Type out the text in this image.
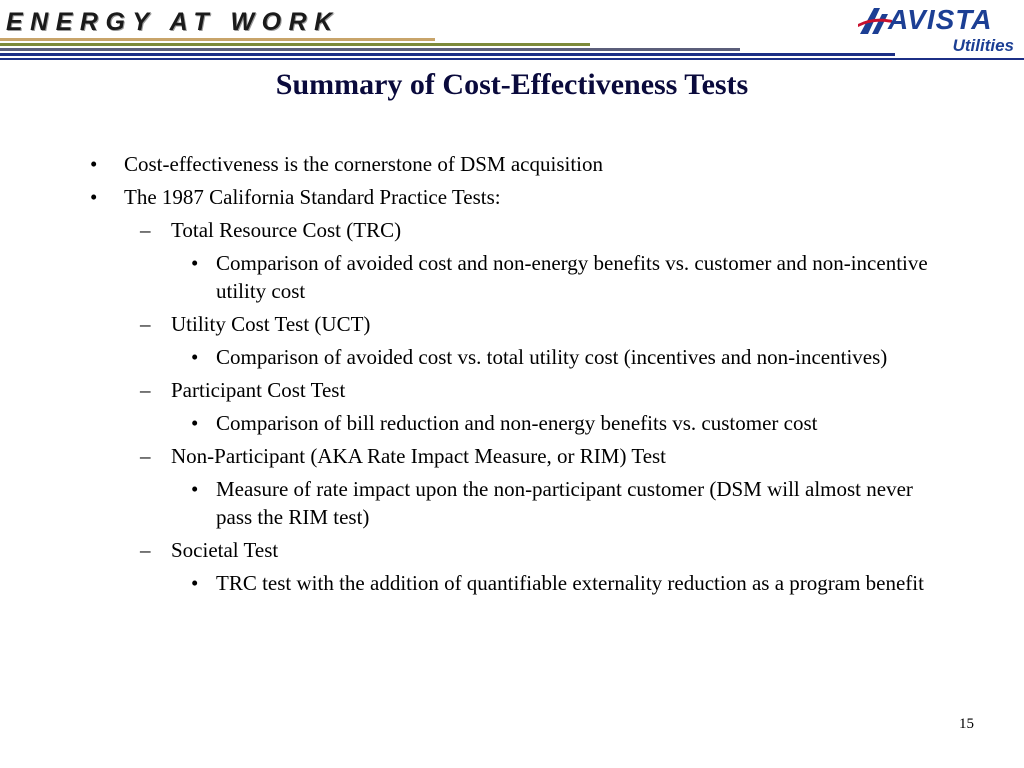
ENERGY AT WORK	AVISTA
Utilities
Summary of Cost-Effectiveness Tests
• Cost-effectiveness is the cornerstone of DSM acquisition
• The 1987 California Standard Practice Tests:
– Total Resource Cost (TRC)
• Comparison of avoided cost and non-energy benefits vs. customer and non-incentive utility cost
– Utility Cost Test (UCT)
• Comparison of avoided cost vs. total utility cost (incentives and non-incentives)
– Participant Cost Test
• Comparison of bill reduction and non-energy benefits vs. customer cost
– Non-Participant (AKA Rate Impact Measure, or RIM) Test
• Measure of rate impact upon the non-participant customer (DSM will almost never pass the RIM test)
– Societal Test
• TRC test with the addition of quantifiable externality reduction as a program benefit
15
